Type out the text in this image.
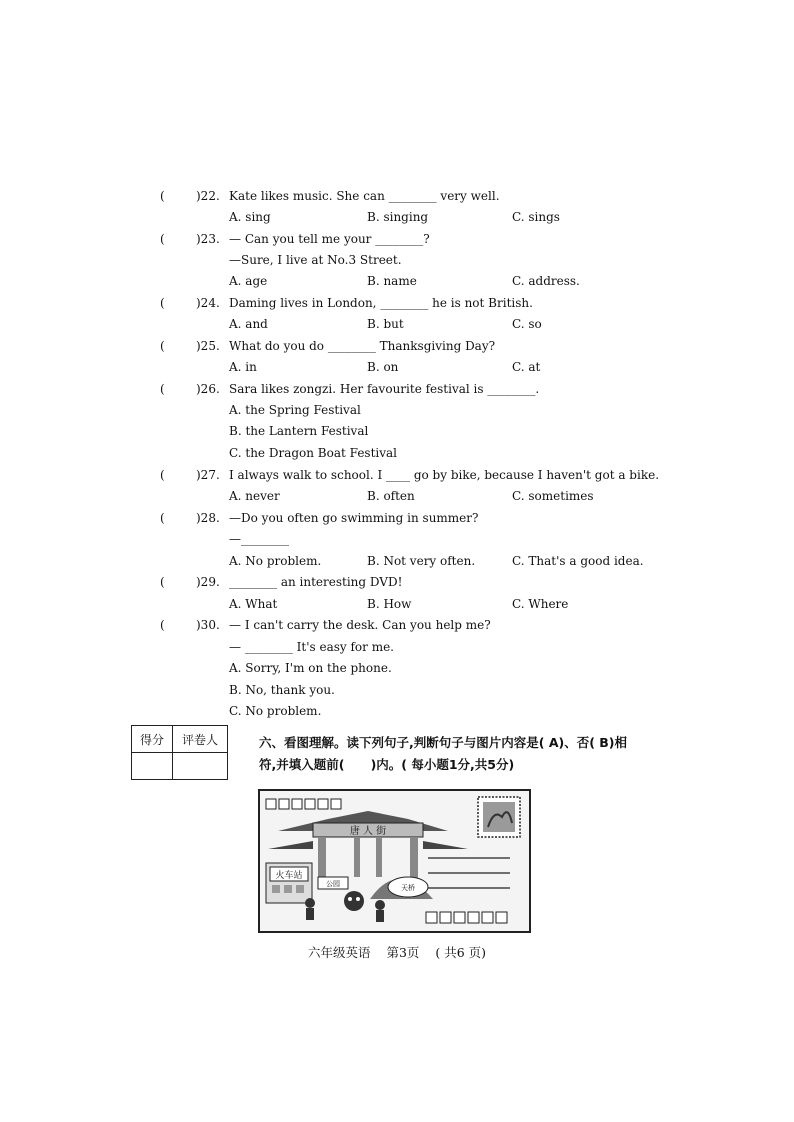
(	)22. Kate likes music. She can ________ very well.
A. sing	B. singing	C. sings
(	)23. — Can you tell me your ________?
—Sure, I live at No.3 Street.
A. age	B. name	C. address.
(	)24. Daming lives in London, ________ he is not British.
A. and	B. but	C. so
(	)25. What do you do ________ Thanksgiving Day?
A. in	B. on	C. at
(	)26. Sara likes zongzi. Her favourite festival is ________.
A. the Spring Festival
B. the Lantern Festival
C. the Dragon Boat Festival
(	)27. I always walk to school. I ____ go by bike, because I haven't got a bike.
A. never	B. often	C. sometimes
(	)28. —Do you often go swimming in summer?
—________
A. No problem.	B. Not very often.	C. That's a good idea.
(	)29. ________ an interesting DVD!
A. What	B. How	C. Where
(	)30. — I can't carry the desk. Can you help me?
— ________ It's easy for me.
A. Sorry, I'm on the phone.
B. No, thank you.
C. No problem.
得分	评卷人
		六、看图理解。读下列句子,判断句子与图片内容是( A)、否( B)相
符,并填入题前(      )内。( 每小题1分,共5分)
唐 人 街
火车站
公园	天桥
六年级英语 第3页 ( 共6 页)
